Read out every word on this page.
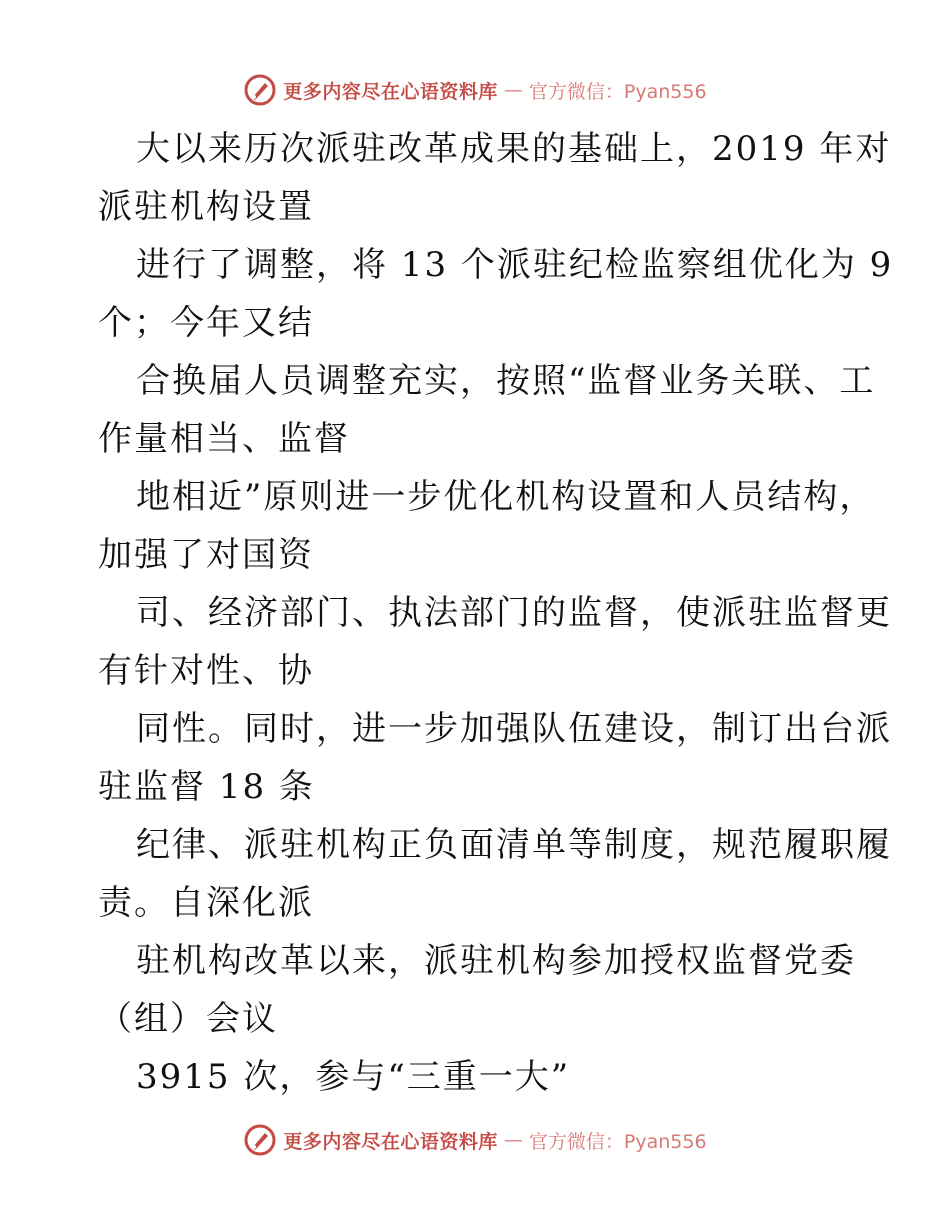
更多内容尽在心语资料库 — 官方微信：Pyan556
大以来历次派驻改革成果的基础上，2019 年对
派驻机构设置
进行了调整，将 13 个派驻纪检监察组优化为 9
个；今年又结
合换届人员调整充实，按照“监督业务关联、工
作量相当、监督
地相近”原则进一步优化机构设置和人员结构，
加强了对国资
司、经济部门、执法部门的监督，使派驻监督更
有针对性、协
同性。同时，进一步加强队伍建设，制订出台派
驻监督 18 条
纪律、派驻机构正负面清单等制度，规范履职履
责。自深化派
驻机构改革以来，派驻机构参加授权监督党委
（组）会议
3915 次，参与“三重一大”
更多内容尽在心语资料库 — 官方微信：Pyan556
